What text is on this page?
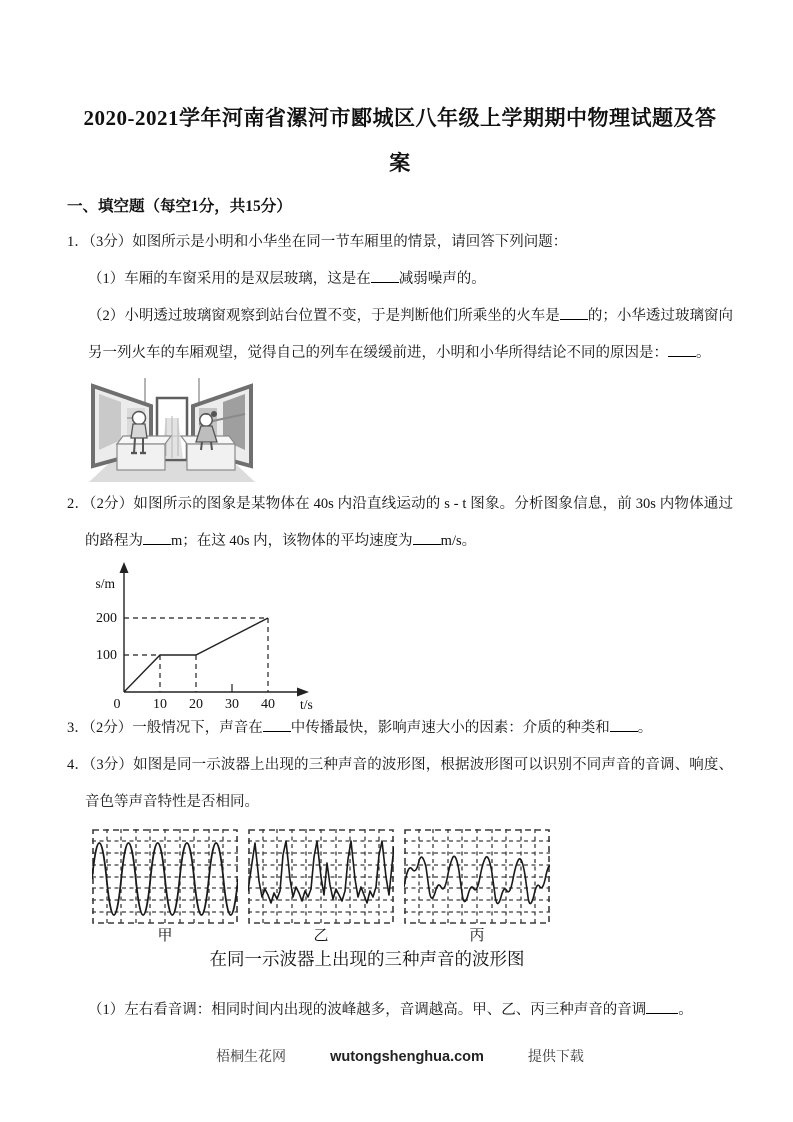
2020-2021学年河南省漯河市郾城区八年级上学期期中物理试题及答案
一、填空题（每空1分，共15分）

1．（3分）如图所示是小明和小华坐在同一节车厢里的情景，请回答下列问题：

（1）车厢的车窗采用的是双层玻璃，这是在 减弱噪声的。

（2）小明透过玻璃窗观察到站台位置不变，于是判断他们所乘坐的火车是 的；小华透过玻璃窗向另一列火车的车厢观望，觉得自己的列车在缓缓前进，小明和小华所得结论不同的原因是： 。

2．（2分）如图所示的图象是某物体在 40s 内沿直线运动的 s - t 图象。分析图象信息，前 30s 内物体通过的路程为 m；在这 40s 内，该物体的平均速度为 m/s。

s/m
t/s
200
100
0 10 20 30 40

3．（2分）一般情况下，声音在 中传播最快，影响声速大小的因素：介质的种类和 。

4．（3分）如图是同一示波器上出现的三种声音的波形图，根据波形图可以识别不同声音的音调、响度、音色等声音特性是否相同。

甲	乙	丙
在同一示波器上出现的三种声音的波形图

（1）左右看音调：相同时间内出现的波峰越多，音调越高。甲、乙、丙三种声音的音调 。

梧桐生花网	wutongshenghua.com	提供下载
